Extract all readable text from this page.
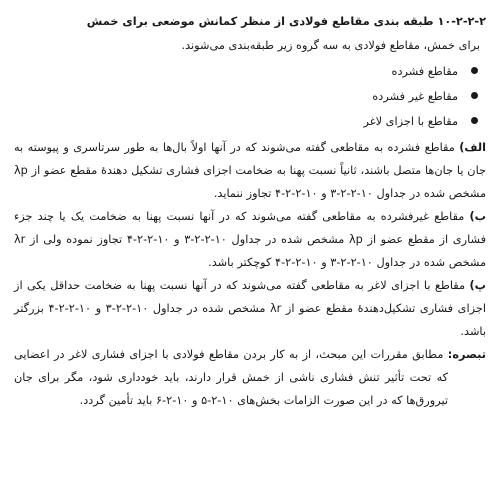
۱۰-۲-۲-۲ طبقه بندی مقاطع فولادی از منظر کمانش موضعی برای خمش

برای خمش، مقاطع فولادی به سه گروه زیر طبقه‌بندی می‌شوند.

مقاطع فشرده
مقاطع غیر فشرده
مقاطع با اجزای لاغر

الف) مقاطع فشرده به مقاطعی گفته می‌شوند که در آنها اولاً بال‌ها به طور سرتاسری و پیوسته به جان یا جان‌ها متصل باشند، ثانیاً نسبت پهنا به ضخامت اجزای فشاری تشکیل دهندهٔ مقطع عضو از λp مشخص شده در جداول ۱۰-۲-۲-۳ و ۱۰-۲-۲-۴ تجاوز ننماید.

ب) مقاطع غیرفشرده به مقاطعی گفته می‌شوند که در آنها نسبت پهنا به ضخامت یک یا چند جزء فشاری از مقطع عضو از λp مشخص شده در جداول ۱۰-۲-۲-۳ و ۱۰-۲-۲-۴ تجاوز نموده ولی از λr مشخص شده در جداول ۱۰-۲-۲-۳ و ۱۰-۲-۲-۴ کوچکتر باشد.

پ) مقاطع با اجزای لاغر به مقاطعی گفته می‌شوند که در آنها نسبت پهنا به ضخامت حداقل یکی از اجزای فشاری تشکیل‌دهندهٔ مقطع عضو از λr مشخص شده در جداول ۱۰-۲-۲-۳ و ۱۰-۲-۲-۴ بزرگتر باشد.

تبصره: مطابق مقررات این مبحث، از به کار بردن مقاطع فولادی با اجزای فشاری لاغر در اعضایی که تحت تأثیر تنش فشاری ناشی از خمش قرار دارند، باید خودداری شود، مگر برای جان تیرورق‌ها که در این صورت الزامات بخش‌های ۱۰-۲-۵ و ۱۰-۲-۶ باید تأمین گردد.
